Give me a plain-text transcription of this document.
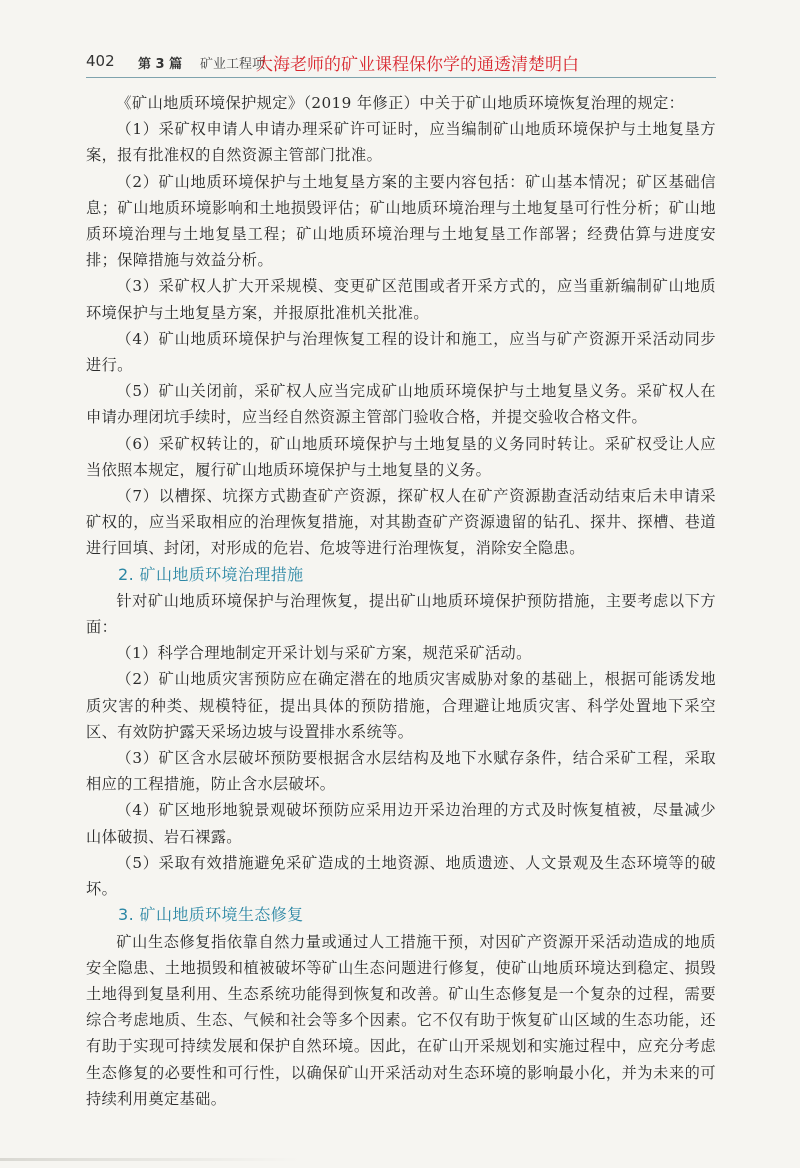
402 第 3 篇 矿业工程项
大海老师的矿业课程保你学的通透清楚明白

《矿山地质环境保护规定》（2019 年修正）中关于矿山地质环境恢复治理的规定：

（1）采矿权申请人申请办理采矿许可证时，应当编制矿山地质环境保护与土地复垦方案，报有批准权的自然资源主管部门批准。

（2）矿山地质环境保护与土地复垦方案的主要内容包括：矿山基本情况；矿区基础信息；矿山地质环境影响和土地损毁评估；矿山地质环境治理与土地复垦可行性分析；矿山地质环境治理与土地复垦工程；矿山地质环境治理与土地复垦工作部署；经费估算与进度安排；保障措施与效益分析。

（3）采矿权人扩大开采规模、变更矿区范围或者开采方式的，应当重新编制矿山地质环境保护与土地复垦方案，并报原批准机关批准。

（4）矿山地质环境保护与治理恢复工程的设计和施工，应当与矿产资源开采活动同步进行。

（5）矿山关闭前，采矿权人应当完成矿山地质环境保护与土地复垦义务。采矿权人在申请办理闭坑手续时，应当经自然资源主管部门验收合格，并提交验收合格文件。

（6）采矿权转让的，矿山地质环境保护与土地复垦的义务同时转让。采矿权受让人应当依照本规定，履行矿山地质环境保护与土地复垦的义务。

（7）以槽探、坑探方式勘查矿产资源，探矿权人在矿产资源勘查活动结束后未申请采矿权的，应当采取相应的治理恢复措施，对其勘查矿产资源遗留的钻孔、探井、探槽、巷道进行回填、封闭，对形成的危岩、危坡等进行治理恢复，消除安全隐患。

2. 矿山地质环境治理措施

针对矿山地质环境保护与治理恢复，提出矿山地质环境保护预防措施，主要考虑以下方面：

（1）科学合理地制定开采计划与采矿方案，规范采矿活动。

（2）矿山地质灾害预防应在确定潜在的地质灾害威胁对象的基础上，根据可能诱发地质灾害的种类、规模特征，提出具体的预防措施，合理避让地质灾害、科学处置地下采空区、有效防护露天采场边坡与设置排水系统等。

（3）矿区含水层破坏预防要根据含水层结构及地下水赋存条件，结合采矿工程，采取相应的工程措施，防止含水层破坏。

（4）矿区地形地貌景观破坏预防应采用边开采边治理的方式及时恢复植被，尽量减少山体破损、岩石裸露。

（5）采取有效措施避免采矿造成的土地资源、地质遗迹、人文景观及生态环境等的破坏。

3. 矿山地质环境生态修复

矿山生态修复指依靠自然力量或通过人工措施干预，对因矿产资源开采活动造成的地质安全隐患、土地损毁和植被破坏等矿山生态问题进行修复，使矿山地质环境达到稳定、损毁土地得到复垦利用、生态系统功能得到恢复和改善。矿山生态修复是一个复杂的过程，需要综合考虑地质、生态、气候和社会等多个因素。它不仅有助于恢复矿山区域的生态功能，还有助于实现可持续发展和保护自然环境。因此，在矿山开采规划和实施过程中，应充分考虑生态修复的必要性和可行性，以确保矿山开采活动对生态环境的影响最小化，并为未来的可持续利用奠定基础。
